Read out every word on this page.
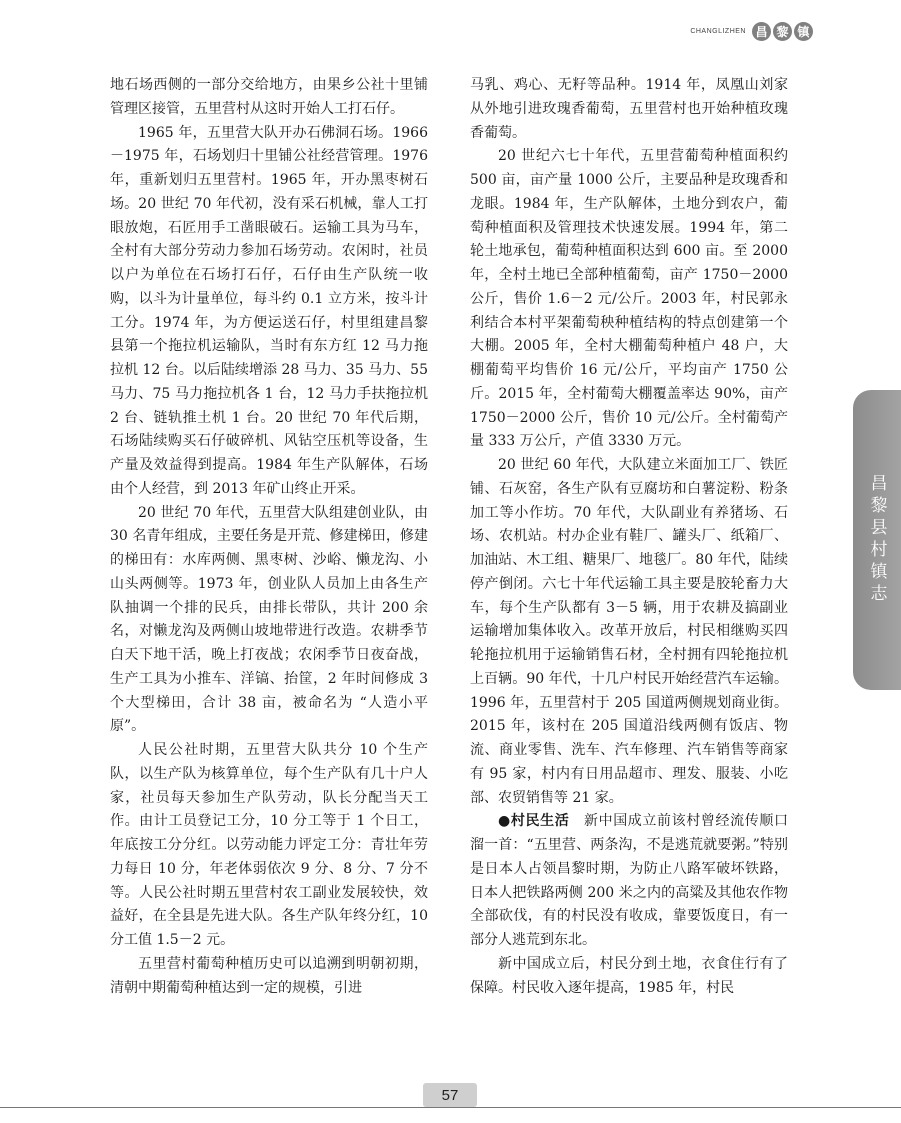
CHANGLIZHEN 昌 黎 镇

地石场西侧的一部分交给地方，由果乡公社十里铺管理区接管，五里营村从这时开始人工打石仔。

1965 年，五里营大队开办石佛洞石场。1966－1975 年，石场划归十里铺公社经营管理。1976 年，重新划归五里营村。1965 年，开办黑枣树石场。20 世纪 70 年代初，没有采石机械，靠人工打眼放炮，石匠用手工凿眼破石。运输工具为马车，全村有大部分劳动力参加石场劳动。农闲时，社员以户为单位在石场打石仔，石仔由生产队统一收购，以斗为计量单位，每斗约 0.1 立方米，按斗计工分。1974 年，为方便运送石仔，村里组建昌黎县第一个拖拉机运输队，当时有东方红 12 马力拖拉机 12 台。以后陆续增添 28 马力、35 马力、55 马力、75 马力拖拉机各 1 台，12 马力手扶拖拉机 2 台、链轨推土机 1 台。20 世纪 70 年代后期，石场陆续购买石仔破碎机、风钻空压机等设备，生产量及效益得到提高。1984 年生产队解体，石场由个人经营，到 2013 年矿山终止开采。

20 世纪 70 年代，五里营大队组建创业队，由 30 名青年组成，主要任务是开荒、修建梯田，修建的梯田有：水库两侧、黑枣树、沙峪、懒龙沟、小山头两侧等。1973 年，创业队人员加上由各生产队抽调一个排的民兵，由排长带队，共计 200 余名，对懒龙沟及两侧山坡地带进行改造。农耕季节白天下地干活，晚上打夜战；农闲季节日夜奋战，生产工具为小推车、洋镐、抬筐，2 年时间修成 3 个大型梯田，合计 38 亩，被命名为 “人造小平原”。

人民公社时期，五里营大队共分 10 个生产队，以生产队为核算单位，每个生产队有几十户人家，社员每天参加生产队劳动，队长分配当天工作。由计工员登记工分，10 分工等于 1 个日工，年底按工分分红。以劳动能力评定工分：青壮年劳力每日 10 分，年老体弱依次 9 分、8 分、7 分不等。人民公社时期五里营村农工副业发展较快，效益好，在全县是先进大队。各生产队年终分红，10 分工值 1.5－2 元。

五里营村葡萄种植历史可以追溯到明朝初期，清朝中期葡萄种植达到一定的规模，引进

马乳、鸡心、无籽等品种。1914 年，凤凰山刘家从外地引进玫瑰香葡萄，五里营村也开始种植玫瑰香葡萄。

20 世纪六七十年代，五里营葡萄种植面积约 500 亩，亩产量 1000 公斤，主要品种是玫瑰香和龙眼。1984 年，生产队解体，土地分到农户，葡萄种植面积及管理技术快速发展。1994 年，第二轮土地承包，葡萄种植面积达到 600 亩。至 2000 年，全村土地已全部种植葡萄，亩产 1750－2000 公斤，售价 1.6－2 元/公斤。2003 年，村民郭永利结合本村平架葡萄秧种植结构的特点创建第一个大棚。2005 年，全村大棚葡萄种植户 48 户，大棚葡萄平均售价 16 元/公斤，平均亩产 1750 公斤。2015 年，全村葡萄大棚覆盖率达 90%，亩产 1750－2000 公斤，售价 10 元/公斤。全村葡萄产量 333 万公斤，产值 3330 万元。

20 世纪 60 年代，大队建立米面加工厂、铁匠铺、石灰窑，各生产队有豆腐坊和白薯淀粉、粉条加工等小作坊。70 年代，大队副业有养猪场、石场、农机站。村办企业有鞋厂、罐头厂、纸箱厂、加油站、木工组、糖果厂、地毯厂。80 年代，陆续停产倒闭。六七十年代运输工具主要是胶轮畜力大车，每个生产队都有 3－5 辆，用于农耕及搞副业运输增加集体收入。改革开放后，村民相继购买四轮拖拉机用于运输销售石材，全村拥有四轮拖拉机上百辆。90 年代，十几户村民开始经营汽车运输。1996 年，五里营村于 205 国道两侧规划商业街。2015 年，该村在 205 国道沿线两侧有饭店、物流、商业零售、洗车、汽车修理、汽车销售等商家有 95 家，村内有日用品超市、理发、服装、小吃部、农贸销售等 21 家。

●村民生活　新中国成立前该村曾经流传顺口溜一首：“五里营、两条沟，不是逃荒就要粥。”特别是日本人占领昌黎时期，为防止八路军破坏铁路，日本人把铁路两侧 200 米之内的高粱及其他农作物全部砍伐，有的村民没有收成，靠要饭度日，有一部分人逃荒到东北。

新中国成立后，村民分到土地，衣食住行有了保障。村民收入逐年提高，1985 年，村民

昌黎县村镇志
57
